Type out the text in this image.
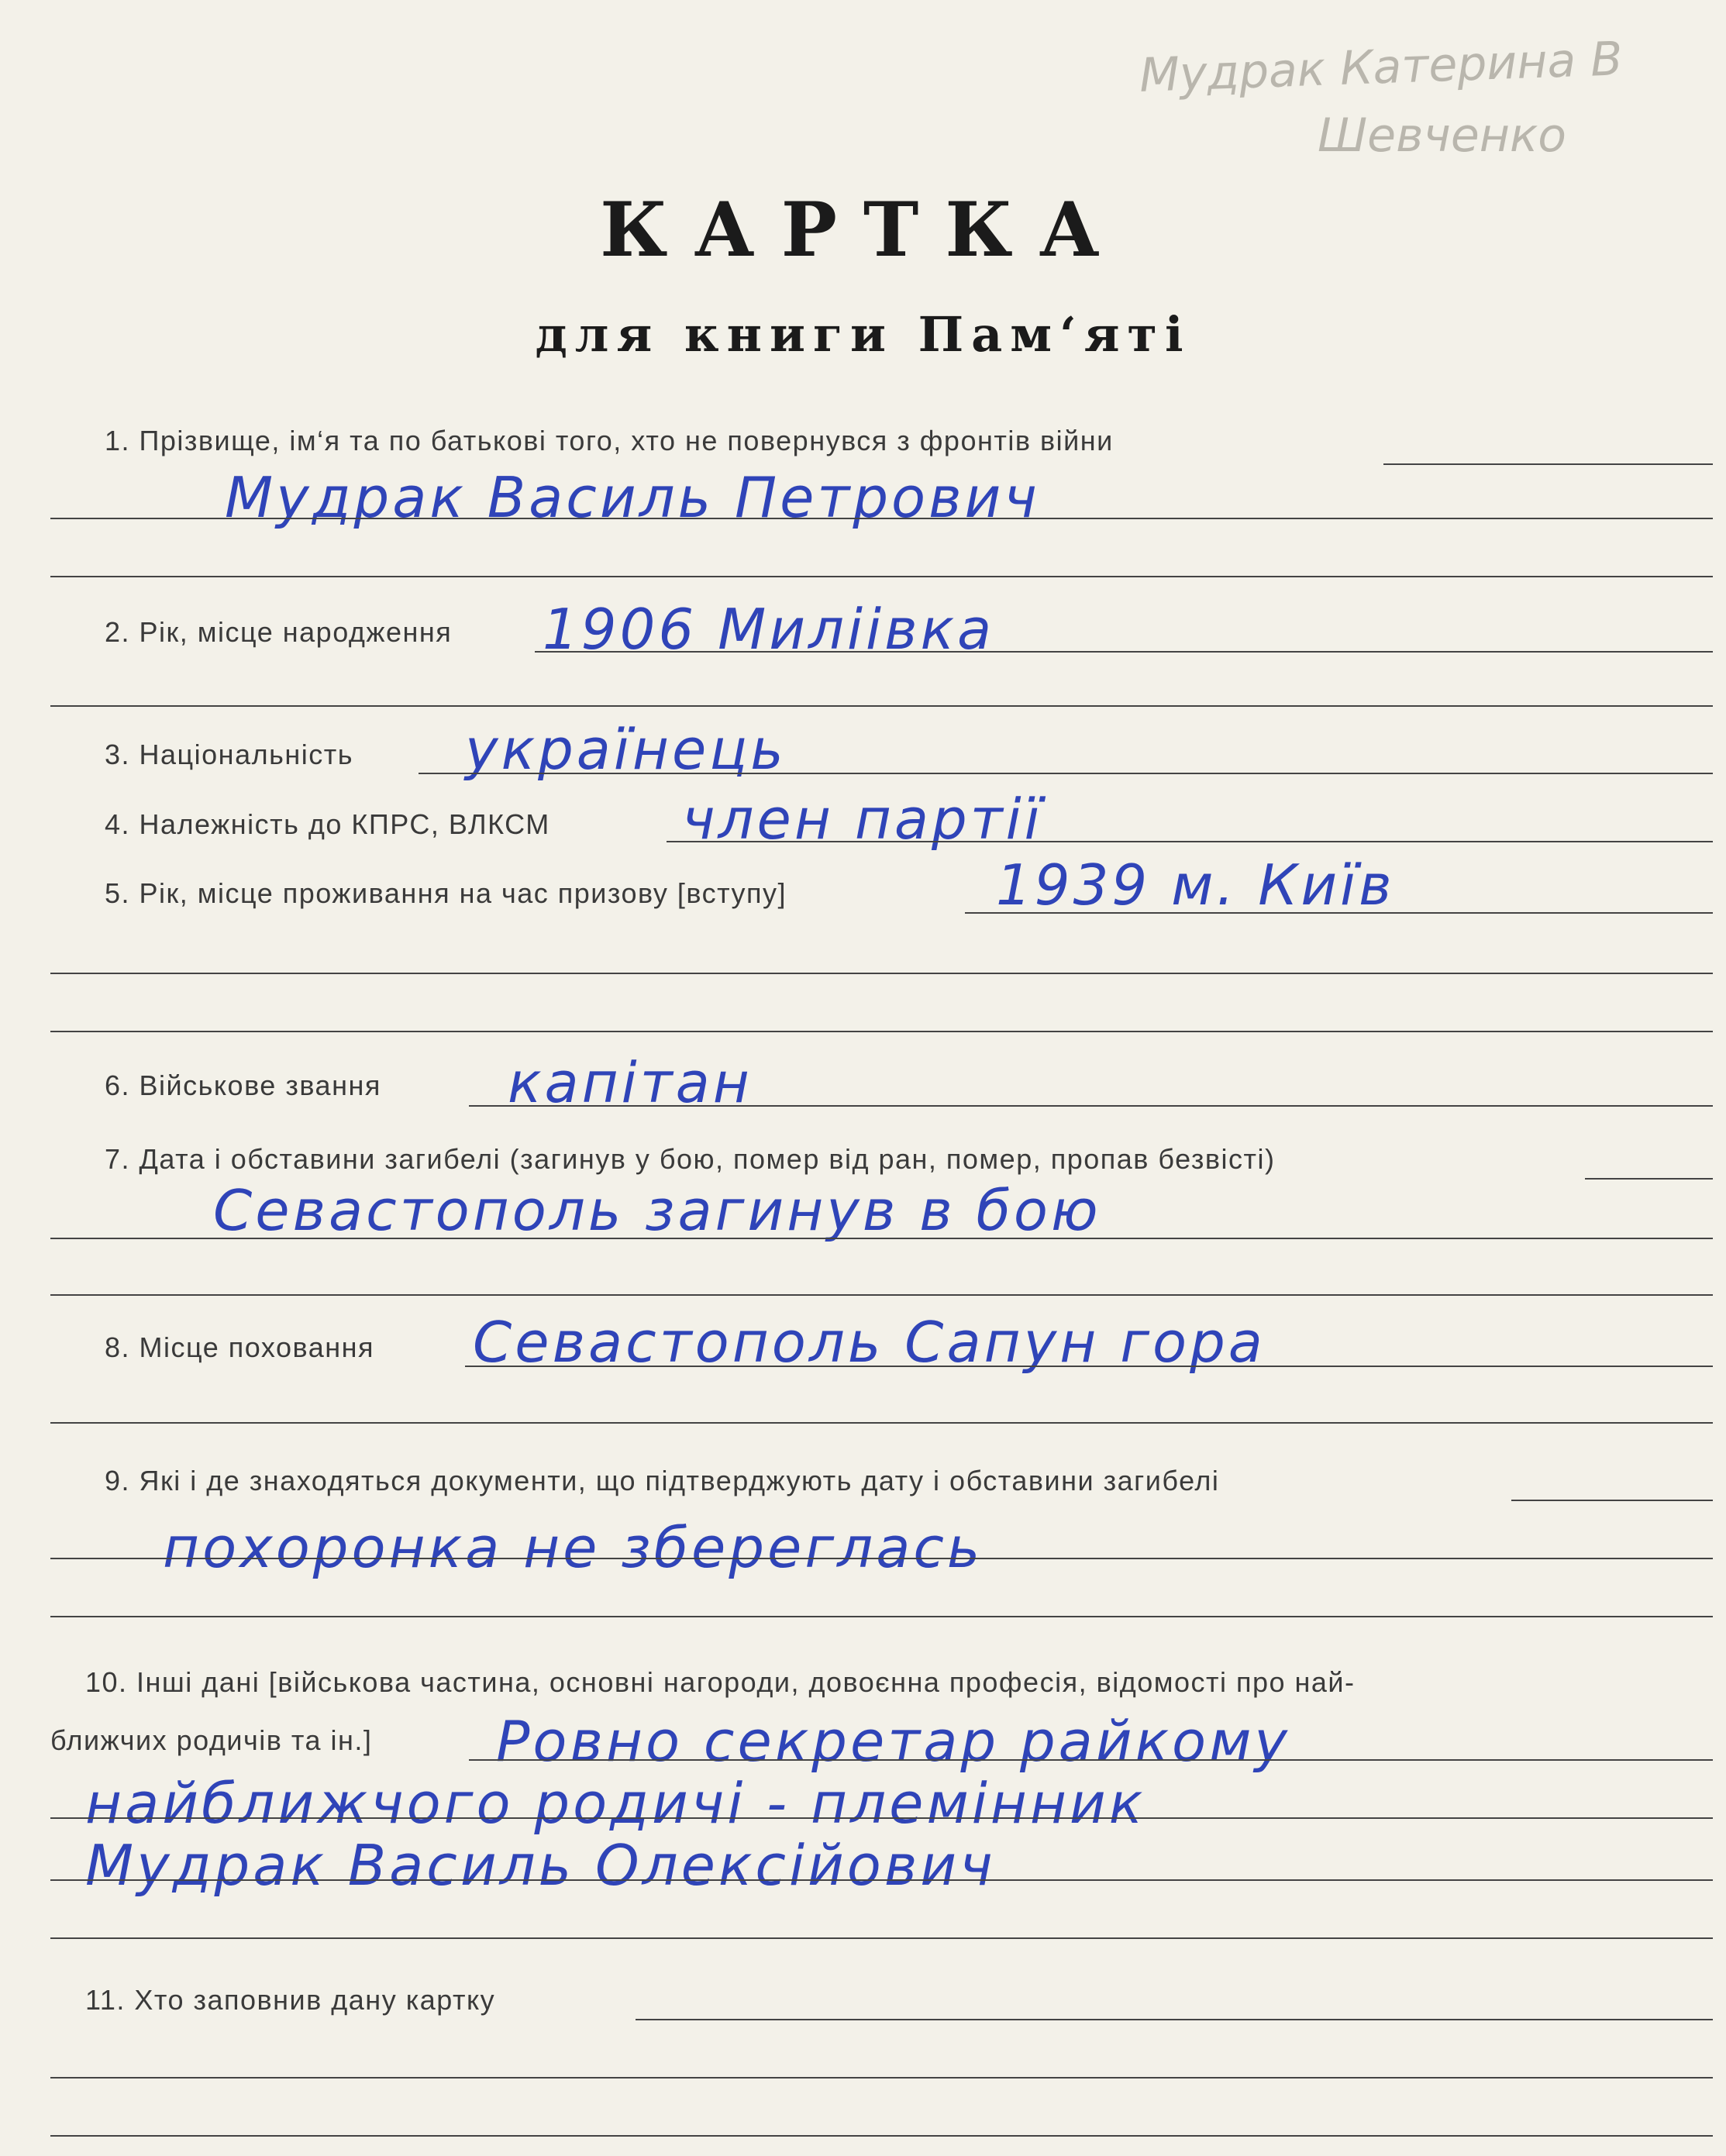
Мудрак Катерина В
Шевченко
КАРТКА
для книги Пам‘яті
1. Прізвище, ім‘я та по батькові того, хто не повернувся з фронтів війни
Мудрак Василь Петрович
2. Рік, місце народження 1906 Миліівка
3. Національність українець
4. Належність до КПРС, ВЛКСМ член партії
5. Рік, місце проживання на час призову [вступу]	1939 м. Київ
6. Військове звання капітан
7. Дата і обставини загибелі (загинув у бою, помер від ран, помер, пропав безвісті)
Севастополь загинув в бою
8. Місце поховання Севастополь Сапун гора
9. Які і де знаходяться документи, що підтверджують дату і обставини загибелі
похоронка не збереглась
10. Інші дані [військова частина, основні нагороди, довоєнна професія, відомості про най-
ближчих родичів та ін.] Ровно секретар райкому
найближчого родичі - племінник
Мудрак Василь Олексійович
11. Хто заповнив дану картку
